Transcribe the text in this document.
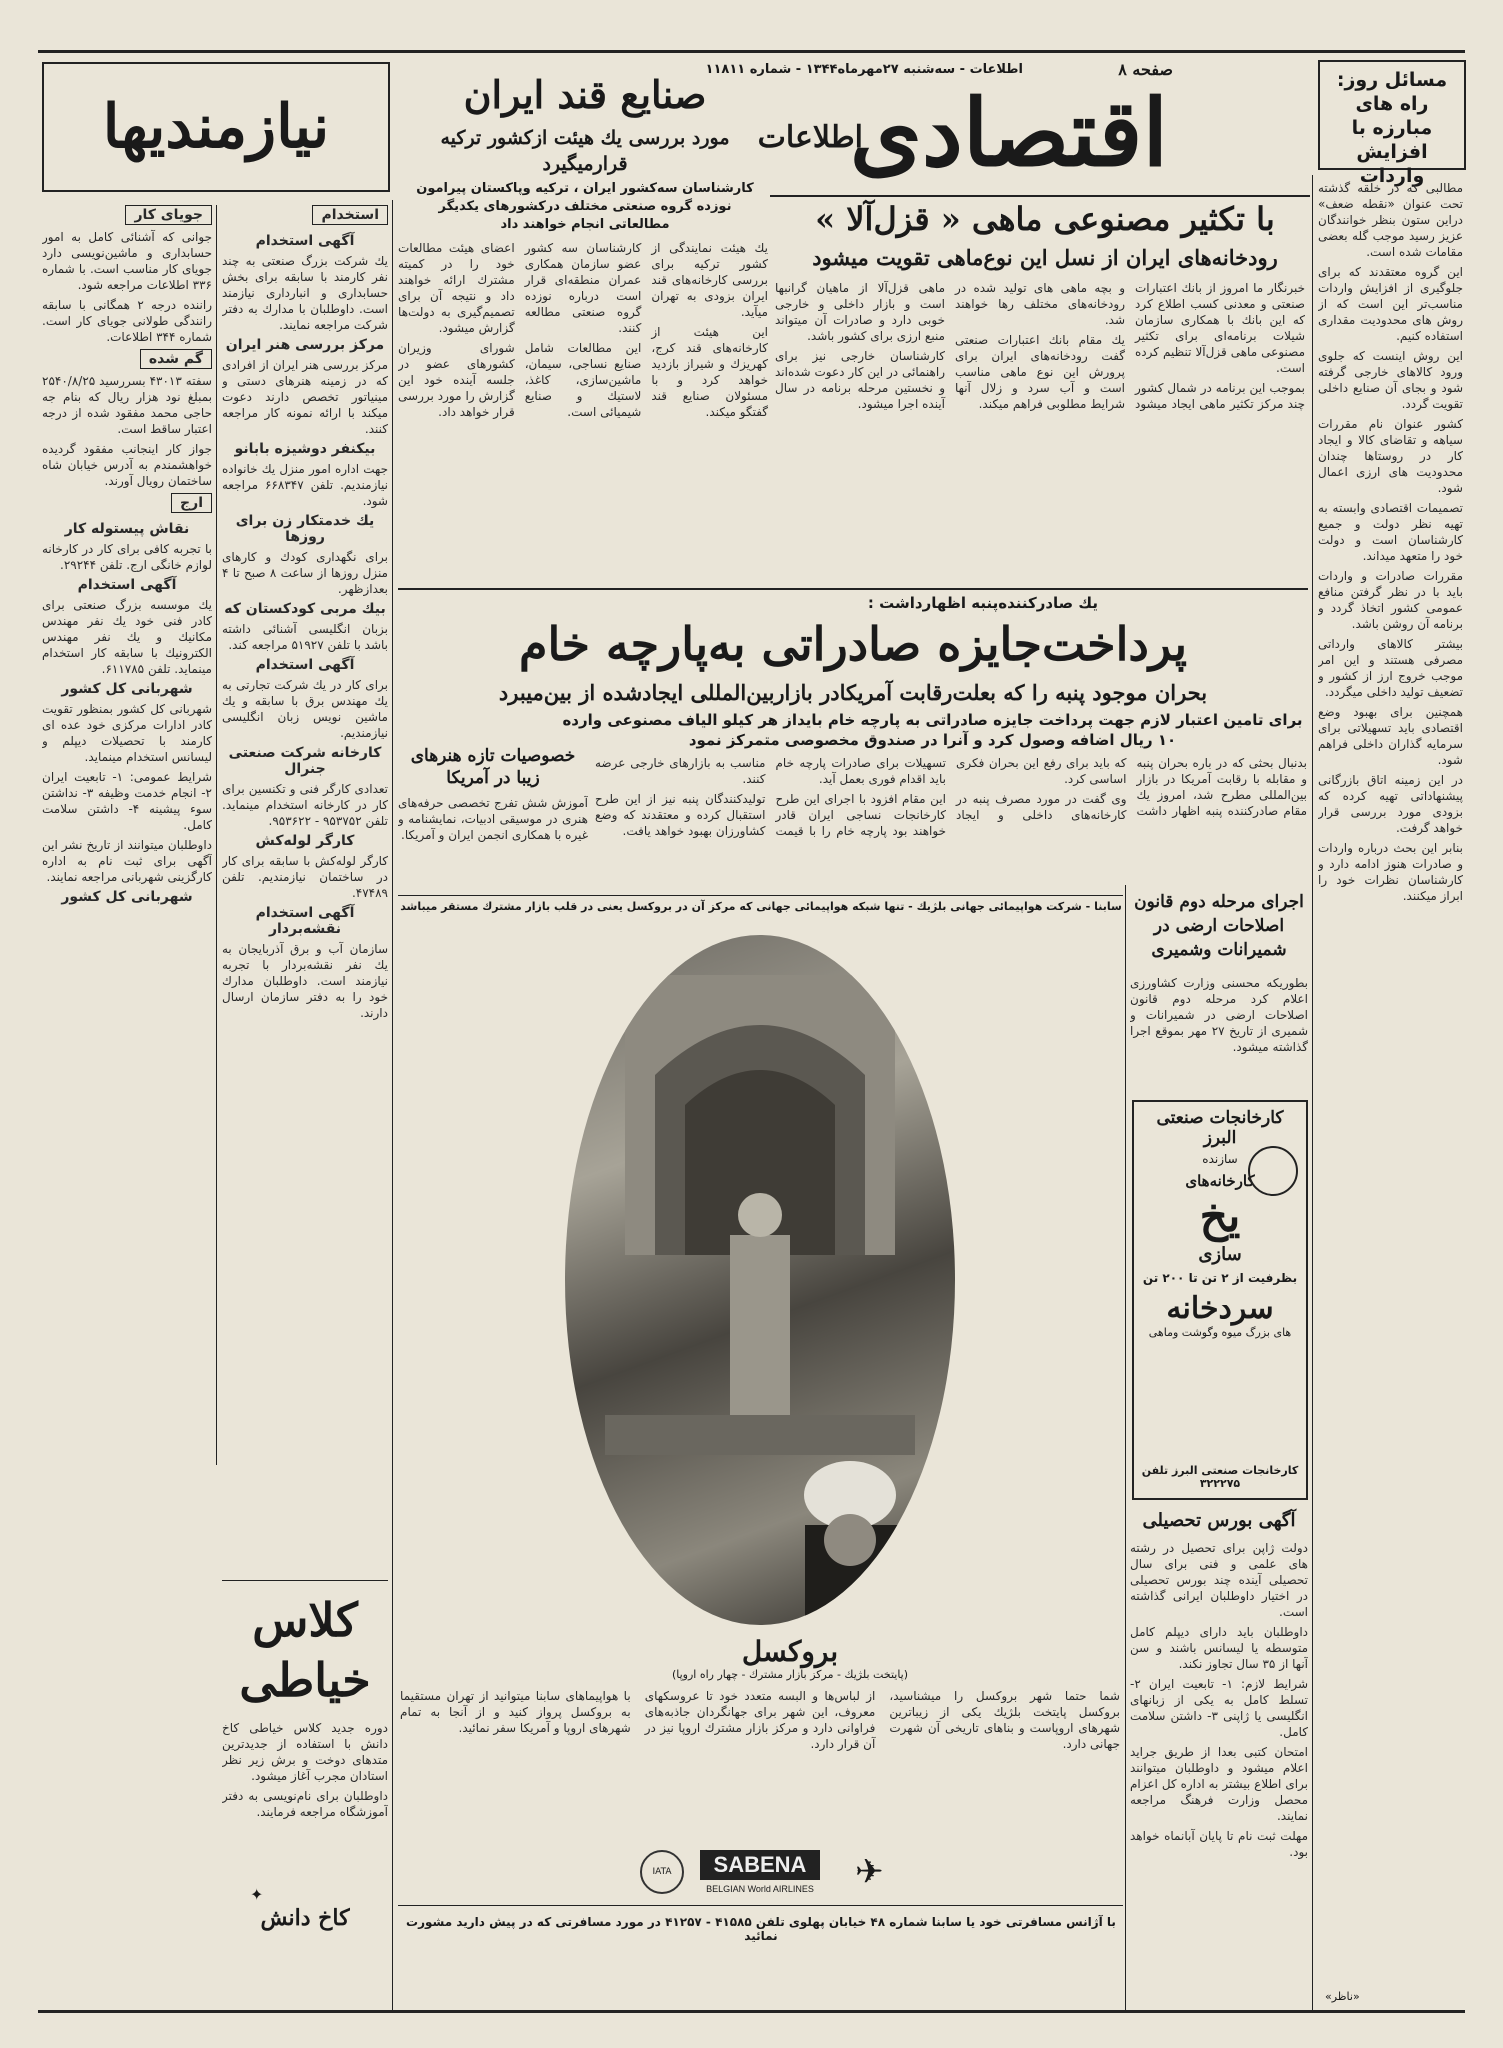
صفحه ۸
اطلاعات - سه‌شنبه ۲۷مهرماه۱۳۴۴ - شماره ۱۱۸۱۱
اطلاعات
اقتصادی	مسائل روز: راه های مبارزه با افزایش واردات
با تکثیر مصنوعی ماهی « قزل‌آلا »
رودخانه‌های ایران از نسل این نوع‌ماهی تقویت میشود
صنایع قند ایران
مورد بررسی یك هیئت ازکشور ترکیه قرارمیگیرد
کارشناسان سه‌کشور ایران ، ترکیه وپاکستان پیرامون نوزده گروه صنعتی مختلف درکشورهای یکدیگر مطالعاتی انجام خواهند داد
نیازمندیها

مطالبی که در خلقه گذشته تحت عنوان «نقطه ضعف» دراین ستون بنظر خوانندگان عزیز رسید موجب گله بعضی مقامات شده است.

این گروه معتقدند که برای جلوگیری از افزایش واردات مناسب‌تر این است که از روش های محدودیت مقداری استفاده کنیم.

این روش اینست که جلوی ورود کالاهای خارجی گرفته شود و بجای آن صنایع داخلی تقویت گردد.

کشور عنوان نام مقررات سیاهه و تقاضای کالا و ایجاد کار در روستاها چندان محدودیت های ارزی اعمال شود.

تصمیمات اقتصادی وابسته به تهیه نظر دولت و جمیع کارشناسان است و دولت خود را متعهد میداند.

مقررات صادرات و واردات باید با در نظر گرفتن منافع عمومی کشور اتخاذ گردد و برنامه آن روشن باشد.

بیشتر کالاهای وارداتی مصرفی هستند و این امر موجب خروج ارز از کشور و تضعیف تولید داخلی میگردد.

همچنین برای بهبود وضع اقتصادی باید تسهیلاتی برای سرمایه گذاران داخلی فراهم شود.

در این زمینه اتاق بازرگانی پیشنهاداتی تهیه کرده که بزودی مورد بررسی قرار خواهد گرفت.

بنابر این بحث درباره واردات و صادرات هنوز ادامه دارد و کارشناسان نظرات خود را ابراز میکنند.

خبرنگار ما امروز از بانك اعتبارات صنعتی و معدنی کسب اطلاع کرد که این بانك با همکاری سازمان شیلات برنامه‌ای برای تکثیر مصنوعی ماهی قزل‌آلا تنظیم کرده است.

بموجب این برنامه در شمال کشور چند مرکز تکثیر ماهی ایجاد میشود و بچه ماهی های تولید شده در رودخانه‌های مختلف رها خواهند شد.

یك مقام بانك اعتبارات صنعتی گفت رودخانه‌های ایران برای پرورش این نوع ماهی مناسب است و آب سرد و زلال آنها شرایط مطلوبی فراهم میکند.

ماهی قزل‌آلا از ماهیان گرانبها است و بازار داخلی و خارجی خوبی دارد و صادرات آن میتواند منبع ارزی برای کشور باشد.

کارشناسان خارجی نیز برای راهنمائی در این کار دعوت شده‌اند و نخستین مرحله برنامه در سال آینده اجرا میشود.

یك هیئت نمایندگی از کشور ترکیه برای بررسی کارخانه‌های قند ایران بزودی به تهران میآید.

این هیئت از کارخانه‌های قند کرج، کهریزك و شیراز بازدید خواهد کرد و با مسئولان صنایع قند گفتگو میکند.

کارشناسان سه کشور عضو سازمان همکاری عمران منطقه‌ای قرار است درباره نوزده گروه صنعتی مطالعه کنند.

این مطالعات شامل صنایع نساجی، سیمان، ماشین‌سازی، کاغذ، لاستیك و صنایع شیمیائی است.

اعضای هیئت مطالعات خود را در کمیته مشترك ارائه خواهند داد و نتیجه آن برای تصمیم‌گیری به دولت‌ها گزارش میشود.

شورای وزیران کشورهای عضو در جلسه آینده خود این گزارش را مورد بررسی قرار خواهد داد.

یك صادرکننده‌پنبه اظهارداشت :
پرداخت‌جایزه صادراتی به‌پارچه خام
بحران موجود پنبه را که بعلت‌رقابت آمریکادر بازاربین‌المللی ایجادشده از بین‌میبرد
برای تامین اعتبار لازم جهت پرداخت جایزه صادراتی به پارچه خام بایداز هر کیلو الیاف مصنوعی وارده ۱۰ ریال اضافه وصول کرد و آنرا در صندوق مخصوصی متمرکز نمود

بدنبال بحثی که در باره بحران پنبه و مقابله با رقابت آمریکا در بازار بین‌المللی مطرح شد، امروز یك مقام صادرکننده پنبه اظهار داشت که باید برای رفع این بحران فکری اساسی کرد.

وی گفت در مورد مصرف پنبه در کارخانه‌های داخلی و ایجاد تسهیلات برای صادرات پارچه خام باید اقدام فوری بعمل آید.

این مقام افزود با اجرای این طرح کارخانجات نساجی ایران قادر خواهند بود پارچه خام را با قیمت مناسب به بازارهای خارجی عرضه کنند.

تولیدکنندگان پنبه نیز از این طرح استقبال کرده و معتقدند که وضع کشاورزان بهبود خواهد یافت.

اجرای مرحله دوم قانون اصلاحات ارضی در شمیرانات وشمیری

بطوریکه محسنی وزارت کشاورزی اعلام کرد مرحله دوم قانون اصلاحات ارضی در شمیرانات و شمیری از تاریخ ۲۷ مهر بموقع اجرا گذاشته میشود.

خصوصیات تازه هنرهای زیبا در آمریکا

آموزش شش تفرج تخصصی حرفه‌های هنری در موسیقی ادبیات، نمایشنامه و غیره با همکاری انجمن ایران و آمریکا.

سابنا - شرکت هواپیمائی جهانی بلژیك - تنها شبکه هواپیمائی جهانی که مرکز آن در بروکسل یعنی در قلب بازار مشترك مستقر میباشد
بروکسل
(پایتخت بلژیك - مرکز بازار مشترك - چهار راه اروپا)

شما حتما شهر بروکسل را میشناسید، بروکسل پایتخت بلژیك یکی از زیباترین شهرهای اروپاست و بناهای تاریخی آن شهرت جهانی دارد.

از لباس‌ها و البسه متعدد خود تا عروسکهای معروف، این شهر برای جهانگردان جاذبه‌های فراوانی دارد و مرکز بازار مشترك اروپا نیز در آن قرار دارد.

با هواپیماهای سابنا میتوانید از تهران مستقیما به بروکسل پرواز کنید و از آنجا به تمام شهرهای اروپا و آمریکا سفر نمائید.

IATA	SABENA
BELGIAN World AIRLINES	✈
با آژانس مسافرتی خود یا سابنا شماره ۴۸ خیابان پهلوی تلفن ۴۱۵۸۵ - ۴۱۲۵۷ در مورد مسافرتی که در پیش دارید مشورت نمائید
کارخانجات صنعتی البرز
سازنده
کارخانه‌های
یخ
سازی
بظرفیت از ۲ تن تا ۲۰۰ تن
سردخانه
های بزرگ میوه وگوشت وماهی
کارخانجات صنعتی البرز تلفن ۳۲۲۲۷۵
آگهی بورس تحصیلی

دولت ژاپن برای تحصیل در رشته های علمی و فنی برای سال تحصیلی آینده چند بورس تحصیلی در اختیار داوطلبان ایرانی گذاشته است.

داوطلبان باید دارای دیپلم کامل متوسطه یا لیسانس باشند و سن آنها از ۳۵ سال تجاوز نکند.

شرایط لازم: ۱- تابعیت ایران ۲- تسلط کامل به یکی از زبانهای انگلیسی یا ژاپنی ۳- داشتن سلامت کامل.

امتحان کتبی بعدا از طریق جراید اعلام میشود و داوطلبان میتوانند برای اطلاع بیشتر به اداره کل اعزام محصل وزارت فرهنگ مراجعه نمایند.

مهلت ثبت نام تا پایان آبانماه خواهد بود.

استخدام
آگهی استخدام

یك شرکت بزرگ صنعتی به چند نفر کارمند با سابقه برای بخش حسابداری و انبارداری نیازمند است. داوطلبان با مدارك به دفتر شرکت مراجعه نمایند.

مرکز بررسی هنر ایران

مرکز بررسی هنر ایران از افرادی که در زمینه هنرهای دستی و مینیاتور تخصص دارند دعوت میکند با ارائه نمونه کار مراجعه کنند.

بیکنفر دوشیزه بابانو

جهت اداره امور منزل یك خانواده نیازمندیم. تلفن ۶۶۸۳۴۷ مراجعه شود.

یك خدمتکار زن برای روزها

برای نگهداری کودك و کارهای منزل روزها از ساعت ۸ صبح تا ۴ بعدازظهر.

بیك مربی کودکستان که

بزبان انگلیسی آشنائی داشته باشد با تلفن ۵۱۹۲۷ مراجعه کند.

آگهی استخدام

برای کار در یك شرکت تجارتی به یك مهندس برق با سابقه و یك ماشین نویس زبان انگلیسی نیازمندیم.

کارخانه شرکت صنعتی جنرال

تعدادی کارگر فنی و تکنسین برای کار در کارخانه استخدام مینماید. تلفن ۹۵۳۷۵۲ - ۹۵۳۶۲۲.

کارگر لوله‌کش

کارگر لوله‌کش با سابقه برای کار در ساختمان نیازمندیم. تلفن ۴۷۴۸۹.

آگهی استخدام نقشه‌بردار

سازمان آب و برق آذربایجان به یك نفر نقشه‌بردار با تجربه نیازمند است. داوطلبان مدارك خود را به دفتر سازمان ارسال دارند.

جویای کار

جوانی که آشنائی کامل به امور حسابداری و ماشین‌نویسی دارد جویای کار مناسب است. با شماره ۳۳۶ اطلاعات مراجعه شود.

راننده درجه ۲ همگانی با سابقه رانندگی طولانی جویای کار است. شماره ۳۴۴ اطلاعات.

گم شده

سفته ۴۳۰۱۳ بسررسید ۲۵۴۰/۸/۲۵ بمبلغ نود هزار ریال که بنام جه حاجی محمد مفقود شده از درجه اعتبار ساقط است.

جواز کار اینجانب مفقود گردیده خواهشمندم به آدرس خیابان شاه ساختمان رویال آورند.

ارج
نقاش پیستوله کار

با تجربه کافی برای کار در کارخانه لوازم خانگی ارج. تلفن ۲۹۲۴۴.

آگهی استخدام

یك موسسه بزرگ صنعتی برای کادر فنی خود یك نفر مهندس مکانیك و یك نفر مهندس الکترونیك با سابقه کار استخدام مینماید. تلفن ۶۱۱۷۸۵.

شهربانی کل کشور

شهربانی کل کشور بمنظور تقویت کادر ادارات مرکزی خود عده ای کارمند با تحصیلات دیپلم و لیسانس استخدام مینماید.

شرایط عمومی: ۱- تابعیت ایران ۲- انجام خدمت وظیفه ۳- نداشتن سوء پیشینه ۴- داشتن سلامت کامل.

داوطلبان میتوانند از تاریخ نشر این آگهی برای ثبت نام به اداره کارگزینی شهربانی مراجعه نمایند.

شهربانی کل کشور
کلاس خیاطی

دوره جدید کلاس خیاطی کاخ دانش با استفاده از جدیدترین متدهای دوخت و برش زیر نظر استادان مجرب آغاز میشود.

داوطلبان برای نام‌نویسی به دفتر آموزشگاه مراجعه فرمایند.

✦
کاخ دانش
«ناظر»
